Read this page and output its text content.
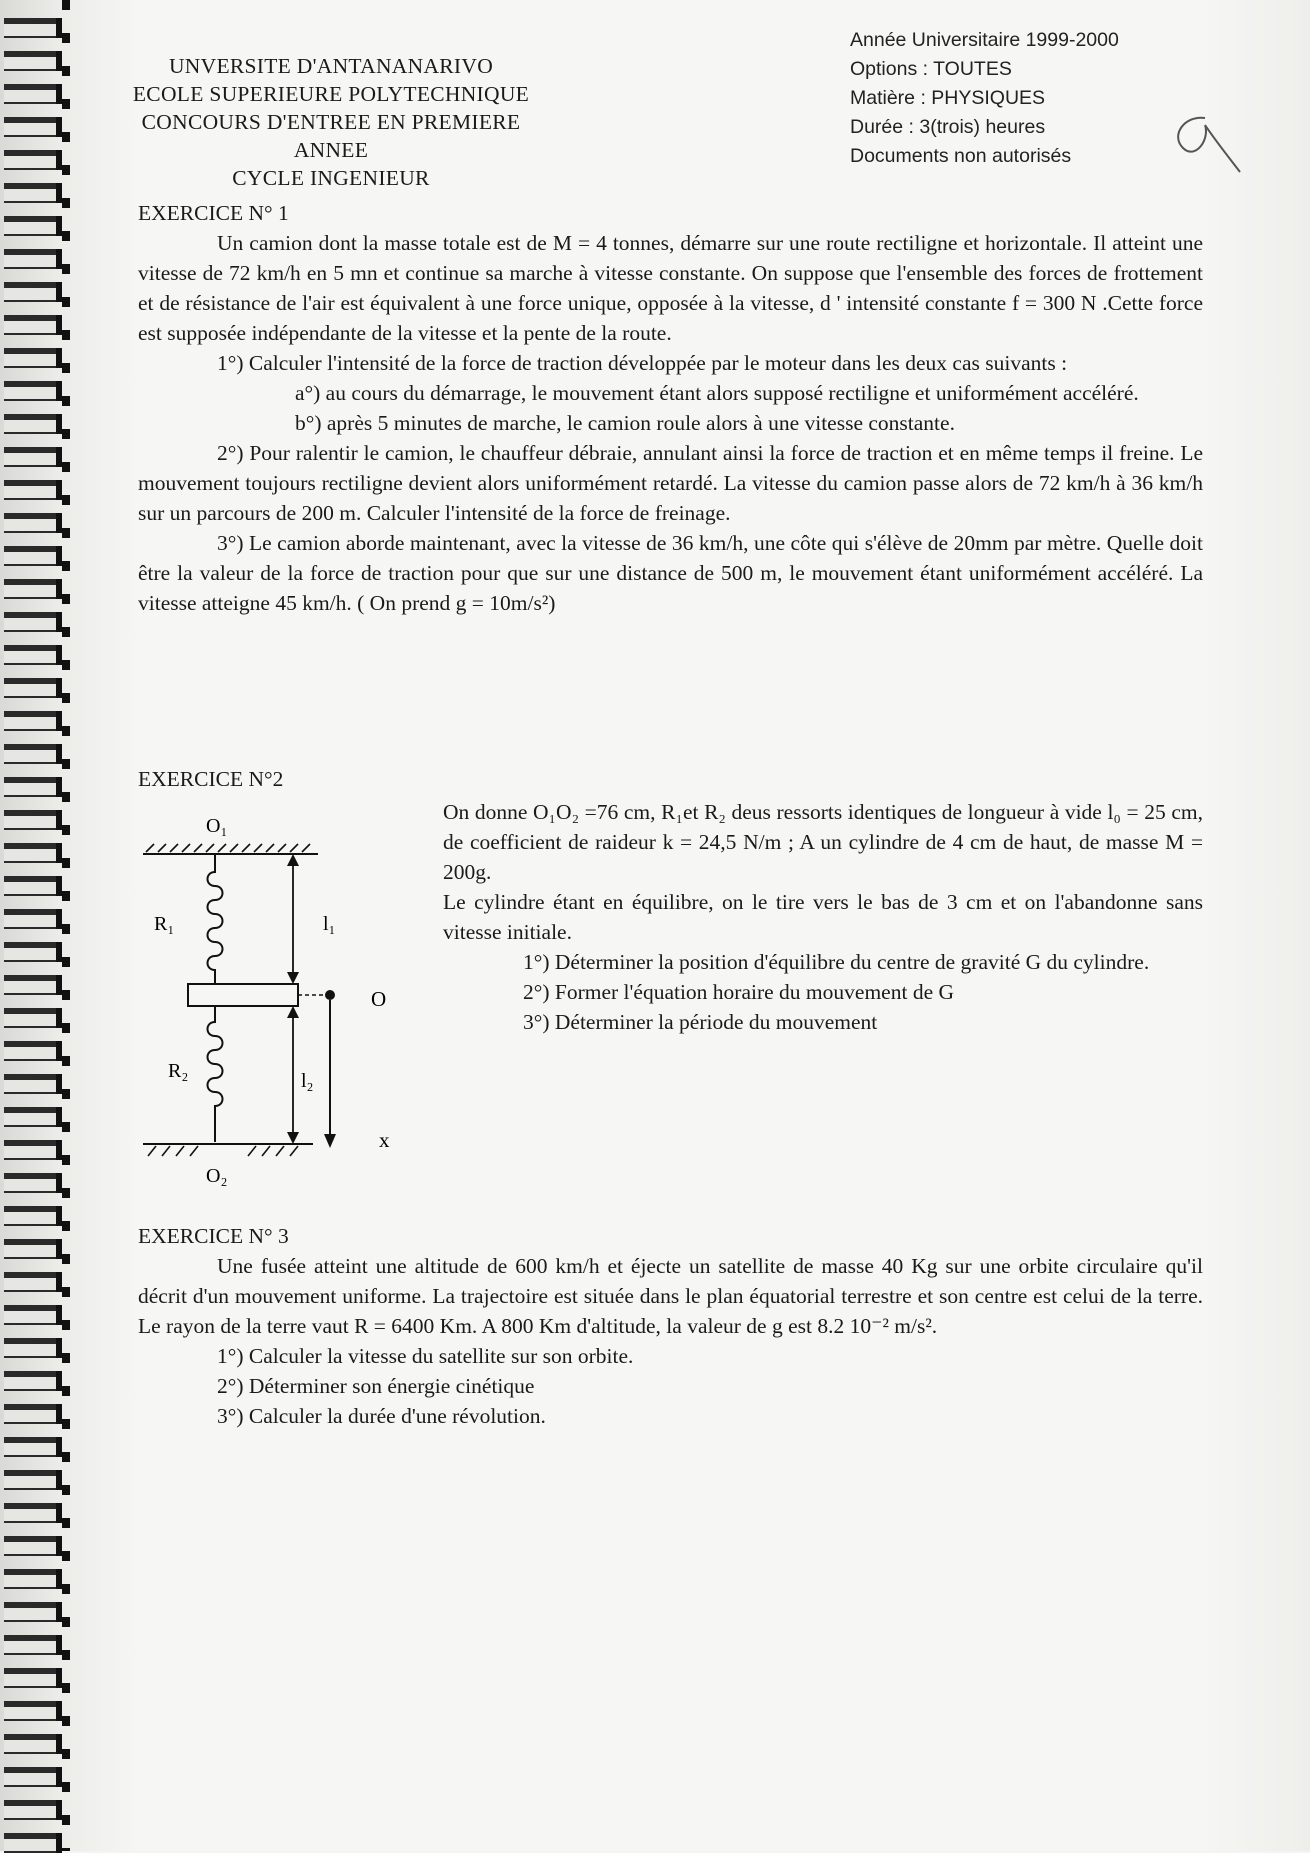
UNVERSITE D'ANTANANARIVO
ECOLE SUPERIEURE POLYTECHNIQUE
CONCOURS D'ENTREE EN PREMIERE ANNEE
CYCLE INGENIEUR
Année Universitaire 1999-2000
Options : TOUTES
Matière : PHYSIQUES
Durée : 3(trois) heures
Documents non autorisés
EXERCICE N° 1

Un camion dont la masse totale est de M = 4 tonnes, démarre sur une route rectiligne et horizontale. Il atteint une vitesse de 72 km/h en 5 mn et continue sa marche à vitesse constante. On suppose que l'ensemble des forces de frottement et de résistance de l'air est équivalent à une force unique, opposée à la vitesse, d ' intensité constante f = 300 N .Cette force est supposée indépendante de la vitesse et la pente de la route.

1°) Calculer l'intensité de la force de traction développée par le moteur dans les deux cas suivants :

a°) au cours du démarrage, le mouvement étant alors supposé rectiligne et uniformément accéléré.

b°) après 5 minutes de marche, le camion roule alors à une vitesse constante.

2°) Pour ralentir le camion, le chauffeur débraie, annulant ainsi la force de traction et en même temps il freine. Le mouvement toujours rectiligne devient alors uniformément retardé. La vitesse du camion passe alors de 72 km/h à 36 km/h sur un parcours de 200 m. Calculer l'intensité de la force de freinage.

3°) Le camion aborde maintenant, avec la vitesse de 36 km/h, une côte qui s'élève de 20mm par mètre. Quelle doit être la valeur de la force de traction pour que sur une distance de 500 m, le mouvement étant uniformément accéléré. La vitesse atteigne 45 km/h. ( On prend g = 10m/s²)

EXERCICE N°2
O₁
R₁
O
R₂
O₂
l₁
l₂
x

On donne O₁O₂ =76 cm, R₁et R₂ deus ressorts identiques de longueur à vide l₀ = 25 cm, de coefficient de raideur k = 24,5 N/m ; A un cylindre de 4 cm de haut, de masse M = 200g.

Le cylindre étant en équilibre, on le tire vers le bas de 3 cm et on l'abandonne sans vitesse initiale.

1°) Déterminer la position d'équilibre du centre de gravité G du cylindre.

2°) Former l'équation horaire du mouvement de G

3°) Déterminer la période du mouvement

EXERCICE N° 3

Une fusée atteint une altitude de 600 km/h et éjecte un satellite de masse 40 Kg sur une orbite circulaire qu'il décrit d'un mouvement uniforme. La trajectoire est située dans le plan équatorial terrestre et son centre est celui de la terre. Le rayon de la terre vaut R = 6400 Km. A 800 Km d'altitude, la valeur de g est 8.2 10⁻² m/s².

1°) Calculer la vitesse du satellite sur son orbite.

2°) Déterminer son énergie cinétique

3°) Calculer la durée d'une révolution.
